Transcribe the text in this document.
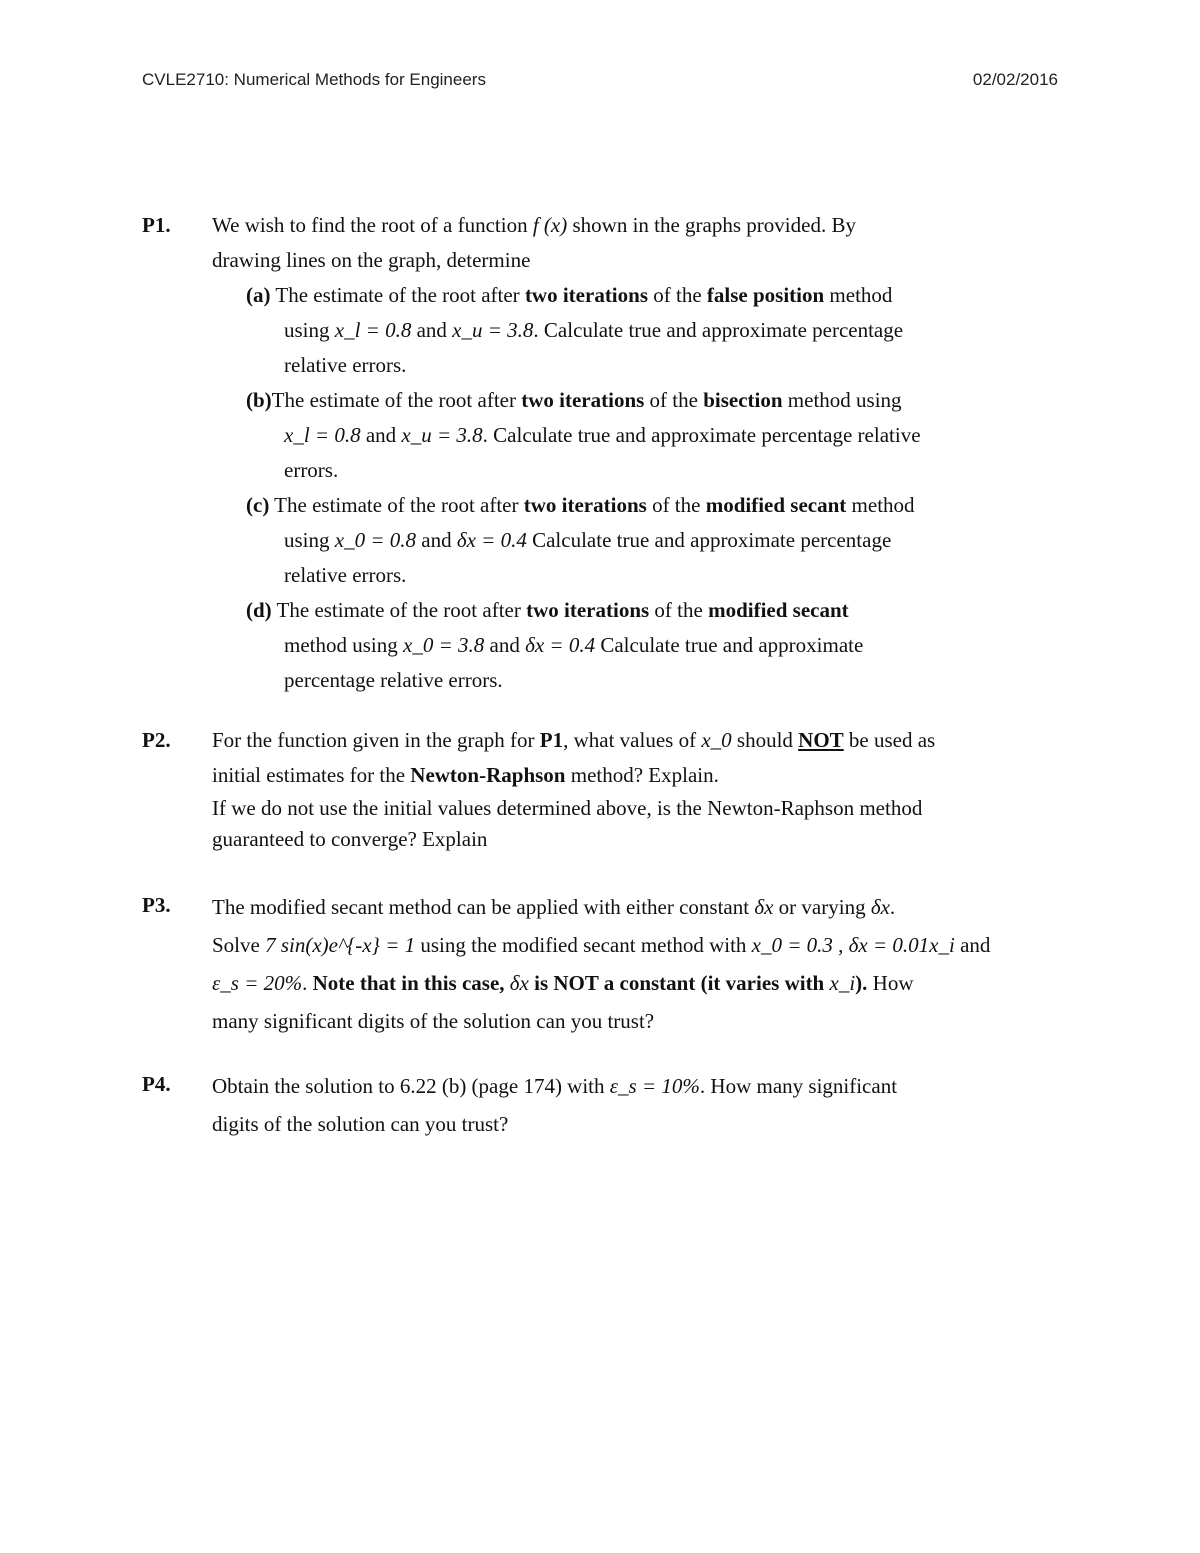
CVLE2710: Numerical Methods for Engineers	02/02/2016
P1. We wish to find the root of a function f (x) shown in the graphs provided. By
drawing lines on the graph, determine
(a) The estimate of the root after two iterations of the false position method
using x_l = 0.8 and x_u = 3.8. Calculate true and approximate percentage
relative errors.
(b)The estimate of the root after two iterations of the bisection method using
x_l = 0.8 and x_u = 3.8. Calculate true and approximate percentage relative
errors.
(c) The estimate of the root after two iterations of the modified secant method
using x_0 = 0.8 and δx = 0.4 Calculate true and approximate percentage
relative errors.
(d) The estimate of the root after two iterations of the modified secant
method using x_0 = 3.8 and δx = 0.4 Calculate true and approximate
percentage relative errors.
P2. For the function given in the graph for P1, what values of x_0 should NOT be used as
initial estimates for the Newton-Raphson method? Explain.
If we do not use the initial values determined above, is the Newton-Raphson method
guaranteed to converge? Explain
P3. The modified secant method can be applied with either constant δx or varying δx.
Solve 7 sin(x)e^{-x} = 1 using the modified secant method with x_0 = 0.3 , δx = 0.01x_i and
ε_s = 20%. Note that in this case, δx is NOT a constant (it varies with x_i). How
many significant digits of the solution can you trust?
P4. Obtain the solution to 6.22 (b) (page 174) with ε_s = 10%. How many significant
digits of the solution can you trust?
